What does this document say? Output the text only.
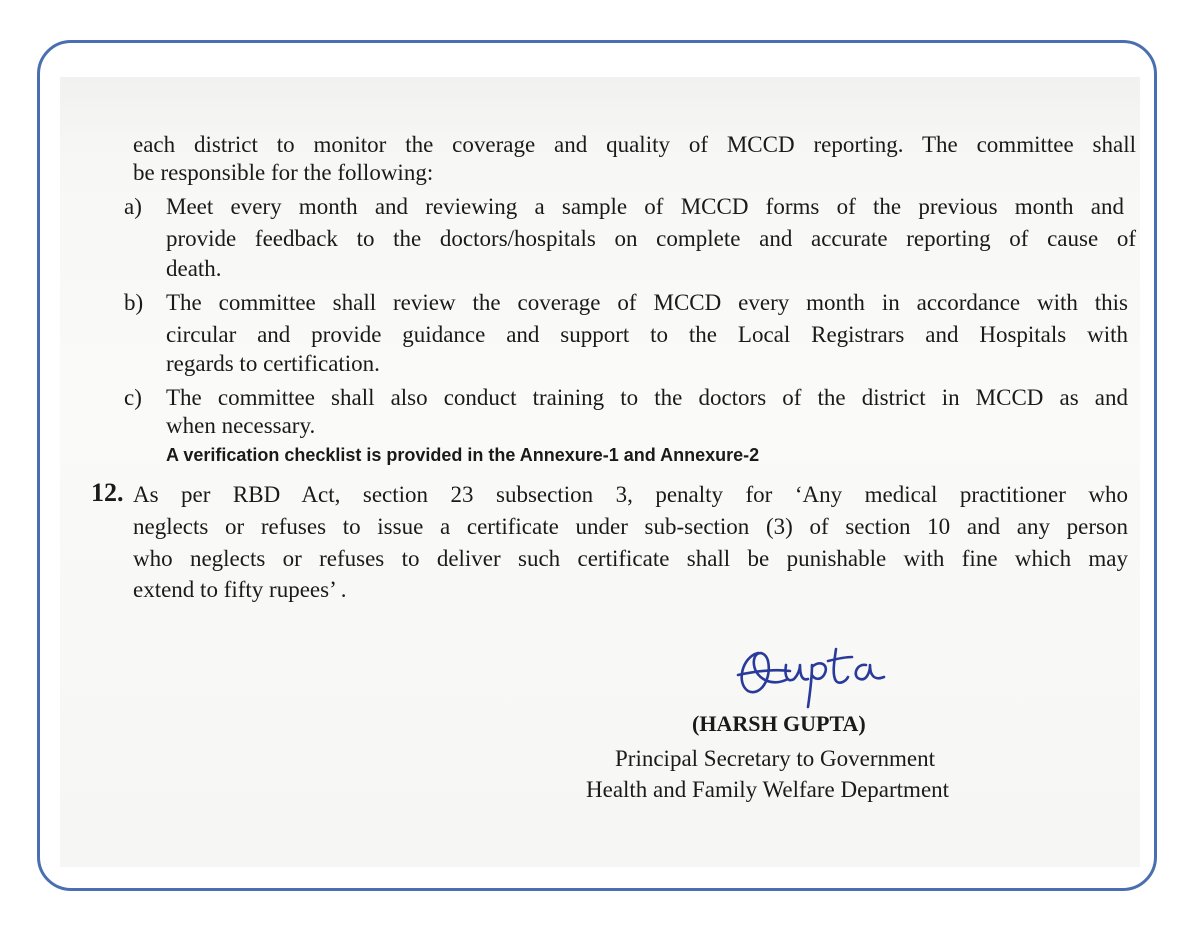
each district to monitor the coverage and quality of MCCD reporting. The committee shall
be responsible for the following:
a) Meet every month and reviewing a sample of MCCD forms of the previous month and
provide feedback to the doctors/hospitals on complete and accurate reporting of cause of
death.
b) The committee shall review the coverage of MCCD every month in accordance with this
circular and provide guidance and support to the Local Registrars and Hospitals with
regards to certification.
c) The committee shall also conduct training to the doctors of the district in MCCD as and
when necessary.
A verification checklist is provided in the Annexure-1 and Annexure-2
12. As per RBD Act, section 23 subsection 3, penalty for ‘Any medical practitioner who
neglects or refuses to issue a certificate under sub-section (3) of section 10 and any person
who neglects or refuses to deliver such certificate shall be punishable with fine which may
extend to fifty rupees’ .
(HARSH GUPTA)
Principal Secretary to Government
Health and Family Welfare Department
